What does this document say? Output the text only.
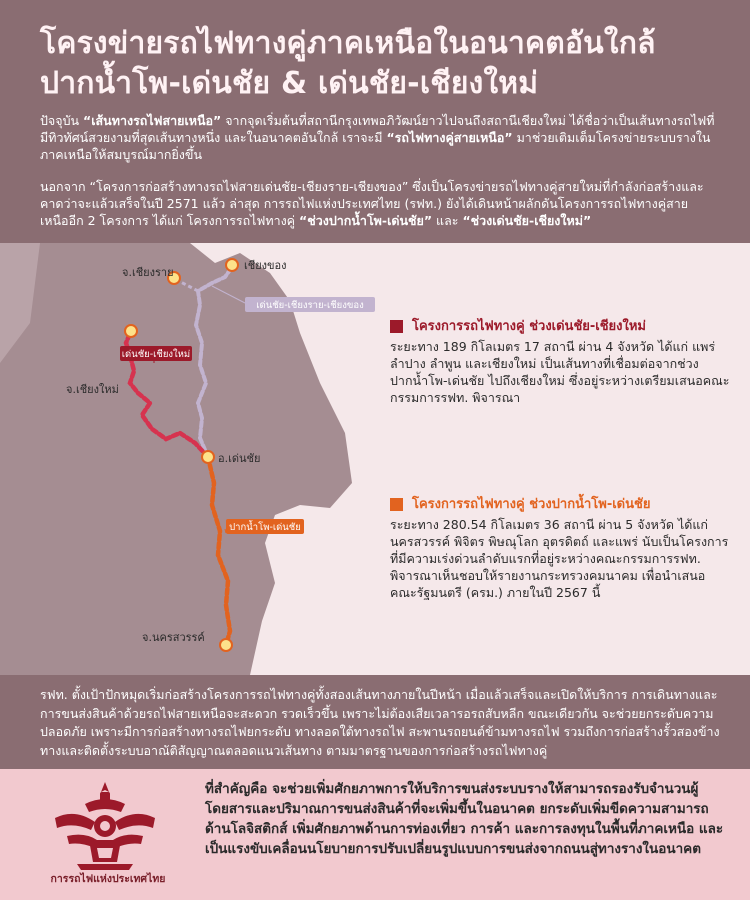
โครงข่ายรถไฟทางคู่ภาคเหนือในอนาคตอันใกล้
ปากน้ำโพ-เด่นชัย & เด่นชัย-เชียงใหม่
ปัจจุบัน “เส้นทางรถไฟสายเหนือ” จากจุดเริ่มต้นที่สถานีกรุงเทพอภิวัฒน์ยาวไปจนถึงสถานีเชียงใหม่ ได้ชื่อว่าเป็นเส้นทางรถไฟที่มีทิวทัศน์สวยงามที่สุดเส้นทางหนึ่ง และในอนาคตอันใกล้ เราจะมี “รถไฟทางคู่สายเหนือ” มาช่วยเติมเต็มโครงข่ายระบบรางในภาคเหนือให้สมบูรณ์มากยิ่งขึ้น
นอกจาก “โครงการก่อสร้างทางรถไฟสายเด่นชัย-เชียงราย-เชียงของ” ซึ่งเป็นโครงข่ายรถไฟทางคู่สายใหม่ที่กำลังก่อสร้างและคาดว่าจะแล้วเสร็จในปี 2571 แล้ว ล่าสุด การรถไฟแห่งประเทศไทย (รฟท.) ยังได้เดินหน้าผลักดันโครงการรถไฟทางคู่สายเหนืออีก 2 โครงการ ได้แก่ โครงการรถไฟทางคู่ “ช่วงปากน้ำโพ-เด่นชัย” และ “ช่วงเด่นชัย-เชียงใหม่”
เด่นชัย-เชียงราย-เชียงของ
เด่นชัย-เชียงใหม่
ปากน้ำโพ-เด่นชัย
เชียงของ
จ.เชียงราย
จ.เชียงใหม่
อ.เด่นชัย
จ.นครสวรรค์
โครงการรถไฟทางคู่ ช่วงเด่นชัย-เชียงใหม่
ระยะทาง 189 กิโลเมตร 17 สถานี ผ่าน 4 จังหวัด ได้แก่ แพร่ ลำปาง ลำพูน และเชียงใหม่ เป็นเส้นทางที่เชื่อมต่อจากช่วงปากน้ำโพ-เด่นชัย ไปถึงเชียงใหม่ ซึ่งอยู่ระหว่างเตรียมเสนอคณะกรรมการรฟท. พิจารณา
โครงการรถไฟทางคู่ ช่วงปากน้ำโพ-เด่นชัย
ระยะทาง 280.54 กิโลเมตร 36 สถานี ผ่าน 5 จังหวัด ได้แก่ นครสวรรค์ พิจิตร พิษณุโลก อุตรดิตถ์ และแพร่ นับเป็นโครงการที่มีความเร่งด่วนลำดับแรกที่อยู่ระหว่างคณะกรรมการรฟท. พิจารณาเห็นชอบให้รายงานกระทรวงคมนาคม เพื่อนำเสนอ คณะรัฐมนตรี (ครม.) ภายในปี 2567 นี้
รฟท. ตั้งเป้าปักหมุดเริ่มก่อสร้างโครงการรถไฟทางคู่ทั้งสองเส้นทางภายในปีหน้า เมื่อแล้วเสร็จและเปิดให้บริการ การเดินทางและการขนส่งสินค้าด้วยรถไฟสายเหนือจะสะดวก รวดเร็วขึ้น เพราะไม่ต้องเสียเวลารอรถสับหลีก ขณะเดียวกัน จะช่วยยกระดับความปลอดภัย เพราะมีการก่อสร้างทางรถไฟยกระดับ ทางลอดใต้ทางรถไฟ สะพานรถยนต์ข้ามทางรถไฟ รวมถึงการก่อสร้างรั้วสองข้างทางและติดตั้งระบบอาณัติสัญญาณตลอดแนวเส้นทาง ตามมาตรฐานของการก่อสร้างรถไฟทางคู่
การรถไฟแห่งประเทศไทย
ที่สำคัญคือ จะช่วยเพิ่มศักยภาพการให้บริการขนส่งระบบรางให้สามารถรองรับจำนวนผู้โดยสารและปริมาณการขนส่งสินค้าที่จะเพิ่มขึ้นในอนาคต ยกระดับเพิ่มขีดความสามารถด้านโลจิสติกส์ เพิ่มศักยภาพด้านการท่องเที่ยว การค้า และการลงทุนในพื้นที่ภาคเหนือ และเป็นแรงขับเคลื่อนนโยบายการปรับเปลี่ยนรูปแบบการขนส่งจากถนนสู่ทางรางในอนาคต
